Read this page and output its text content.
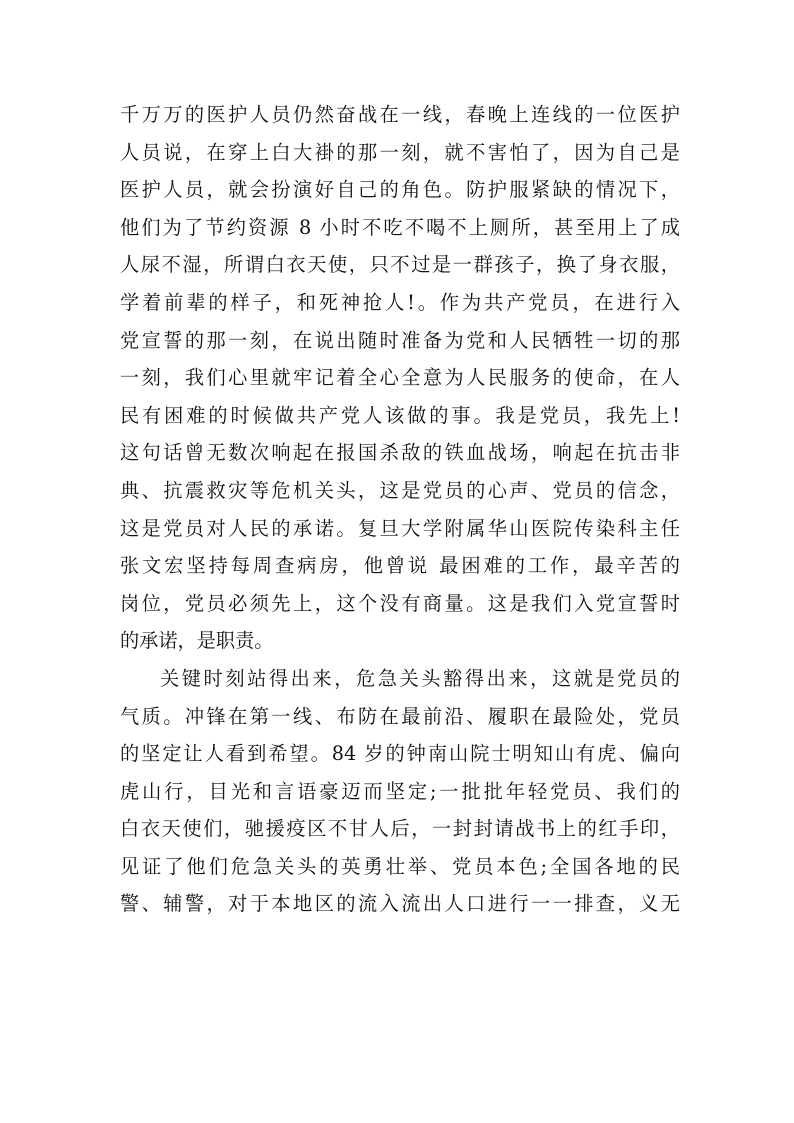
千万万的医护人员仍然奋战在一线，春晚上连线的一位医护
人员说，在穿上白大褂的那一刻，就不害怕了，因为自己是
医护人员，就会扮演好自己的角色。防护服紧缺的情况下，
他们为了节约资源 8 小时不吃不喝不上厕所，甚至用上了成
人尿不湿，所谓白衣天使，只不过是一群孩子，换了身衣服，
学着前辈的样子，和死神抢人!。作为共产党员，在进行入
党宣誓的那一刻，在说出随时准备为党和人民牺牲一切的那
一刻，我们心里就牢记着全心全意为人民服务的使命，在人
民有困难的时候做共产党人该做的事。我是党员，我先上!
这句话曾无数次响起在报国杀敌的铁血战场，响起在抗击非
典、抗震救灾等危机关头，这是党员的心声、党员的信念，
这是党员对人民的承诺。复旦大学附属华山医院传染科主任
张文宏坚持每周查病房，他曾说 最困难的工作，最辛苦的
岗位，党员必须先上，这个没有商量。这是我们入党宣誓时
的承诺，是职责。
关键时刻站得出来，危急关头豁得出来，这就是党员的
气质。冲锋在第一线、布防在最前沿、履职在最险处，党员
的坚定让人看到希望。84 岁的钟南山院士明知山有虎、偏向
虎山行，目光和言语豪迈而坚定;一批批年轻党员、我们的
白衣天使们，驰援疫区不甘人后，一封封请战书上的红手印，
见证了他们危急关头的英勇壮举、党员本色;全国各地的民
警、辅警，对于本地区的流入流出人口进行一一排查，义无
